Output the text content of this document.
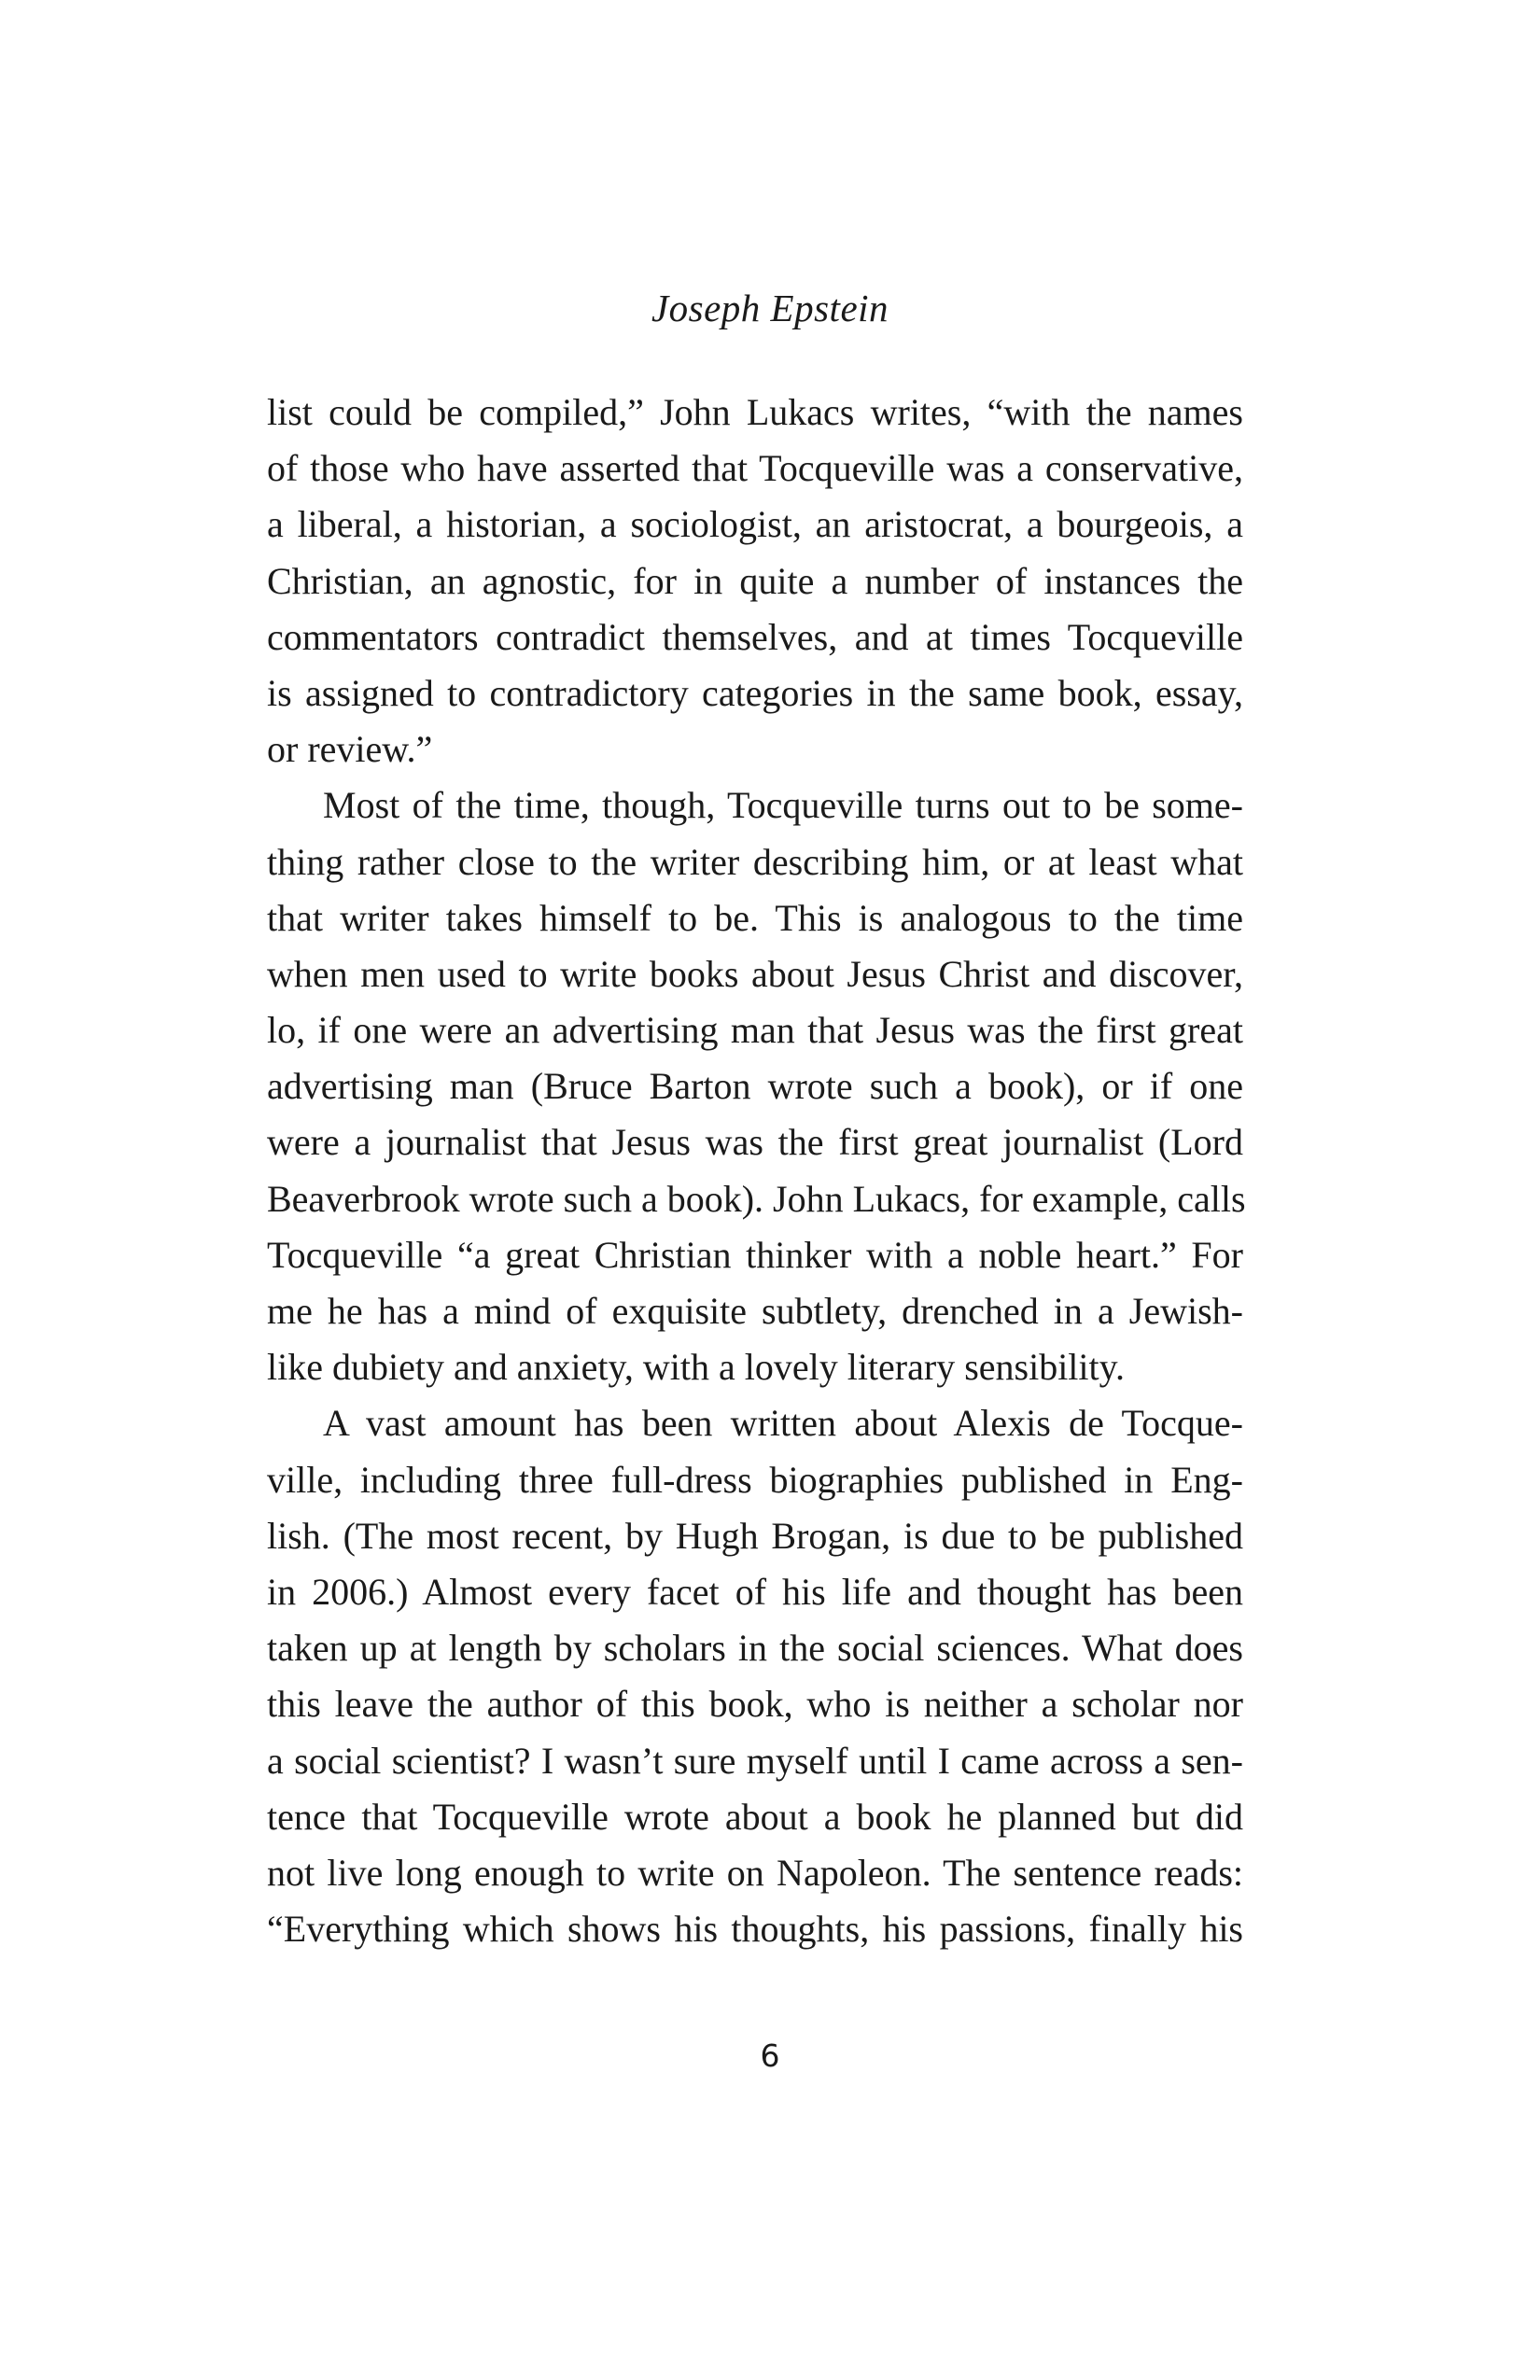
Joseph Epstein

list could be compiled,” John Lukacs writes, “with the names
of those who have asserted that Tocqueville was a conservative,
a liberal, a historian, a sociologist, an aristocrat, a bourgeois, a
Christian, an agnostic, for in quite a number of instances the
commentators contradict themselves, and at times Tocqueville
is assigned to contradictory categories in the same book, essay,
or review.”

Most of the time, though, Tocqueville turns out to be some-
thing rather close to the writer describing him, or at least what
that writer takes himself to be. This is analogous to the time
when men used to write books about Jesus Christ and discover,
lo, if one were an advertising man that Jesus was the first great
advertising man (Bruce Barton wrote such a book), or if one
were a journalist that Jesus was the first great journalist (Lord
Beaverbrook wrote such a book). John Lukacs, for example, calls
Tocqueville “a great Christian thinker with a noble heart.” For
me he has a mind of exquisite subtlety, drenched in a Jewish-
like dubiety and anxiety, with a lovely literary sensibility.

A vast amount has been written about Alexis de Tocque-
ville, including three full-dress biographies published in Eng-
lish. (The most recent, by Hugh Brogan, is due to be published
in 2006.) Almost every facet of his life and thought has been
taken up at length by scholars in the social sciences. What does
this leave the author of this book, who is neither a scholar nor
a social scientist? I wasn’t sure myself until I came across a sen-
tence that Tocqueville wrote about a book he planned but did
not live long enough to write on Napoleon. The sentence reads:
“Everything which shows his thoughts, his passions, finally his

6
